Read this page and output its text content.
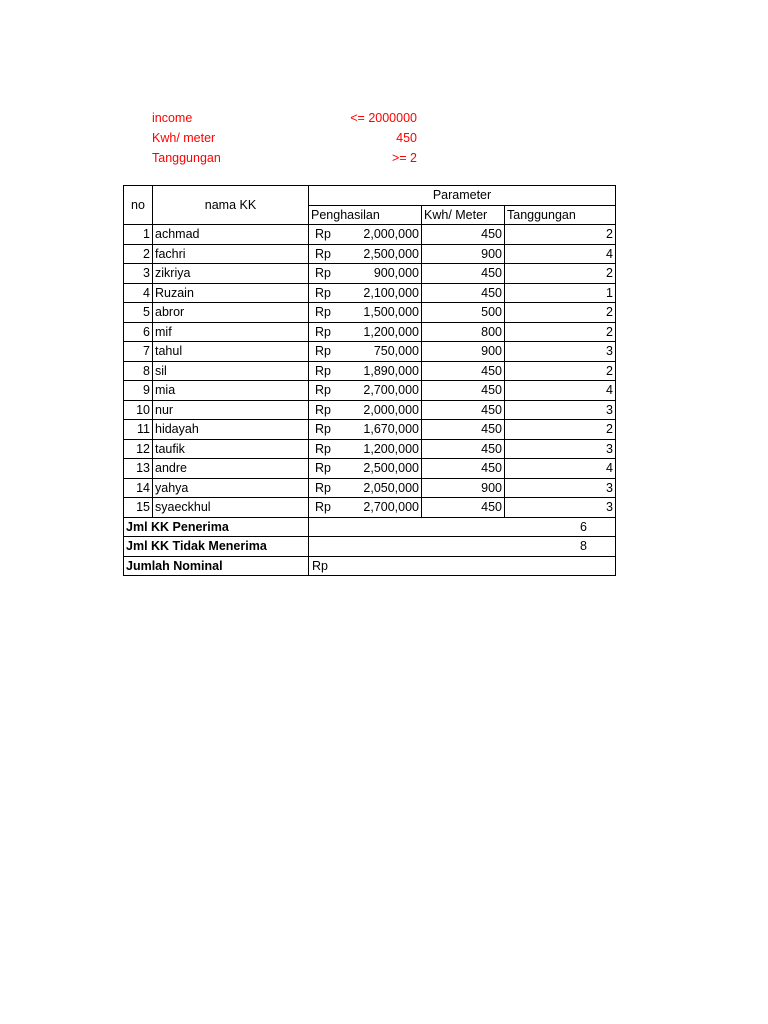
income	<= 2000000
Kwh/ meter	450
Tanggungan	>= 2
no	nama KK	Parameter			
		Penghasilan		Kwh/ Meter	Tanggungan
1	achmad	Rp	2,000,000	450	2
2	fachri	Rp	2,500,000	900	4
3	zikriya	Rp	900,000	450	2
4	Ruzain	Rp	2,100,000	450	1
5	abror	Rp	1,500,000	500	2
6	mif	Rp	1,200,000	800	2
7	tahul	Rp	750,000	900	3
8	sil	Rp	1,890,000	450	2
9	mia	Rp	2,700,000	450	4
10	nur	Rp	2,000,000	450	3
11	hidayah	Rp	1,670,000	450	2
12	taufik	Rp	1,200,000	450	3
13	andre	Rp	2,500,000	450	4
14	yahya	Rp	2,050,000	900	3
15	syaeckhul	Rp	2,700,000	450	3
Jml KK Penerima		6			
Jml KK Tidak Menerima		8			
Jumlah Nominal		Rp			
